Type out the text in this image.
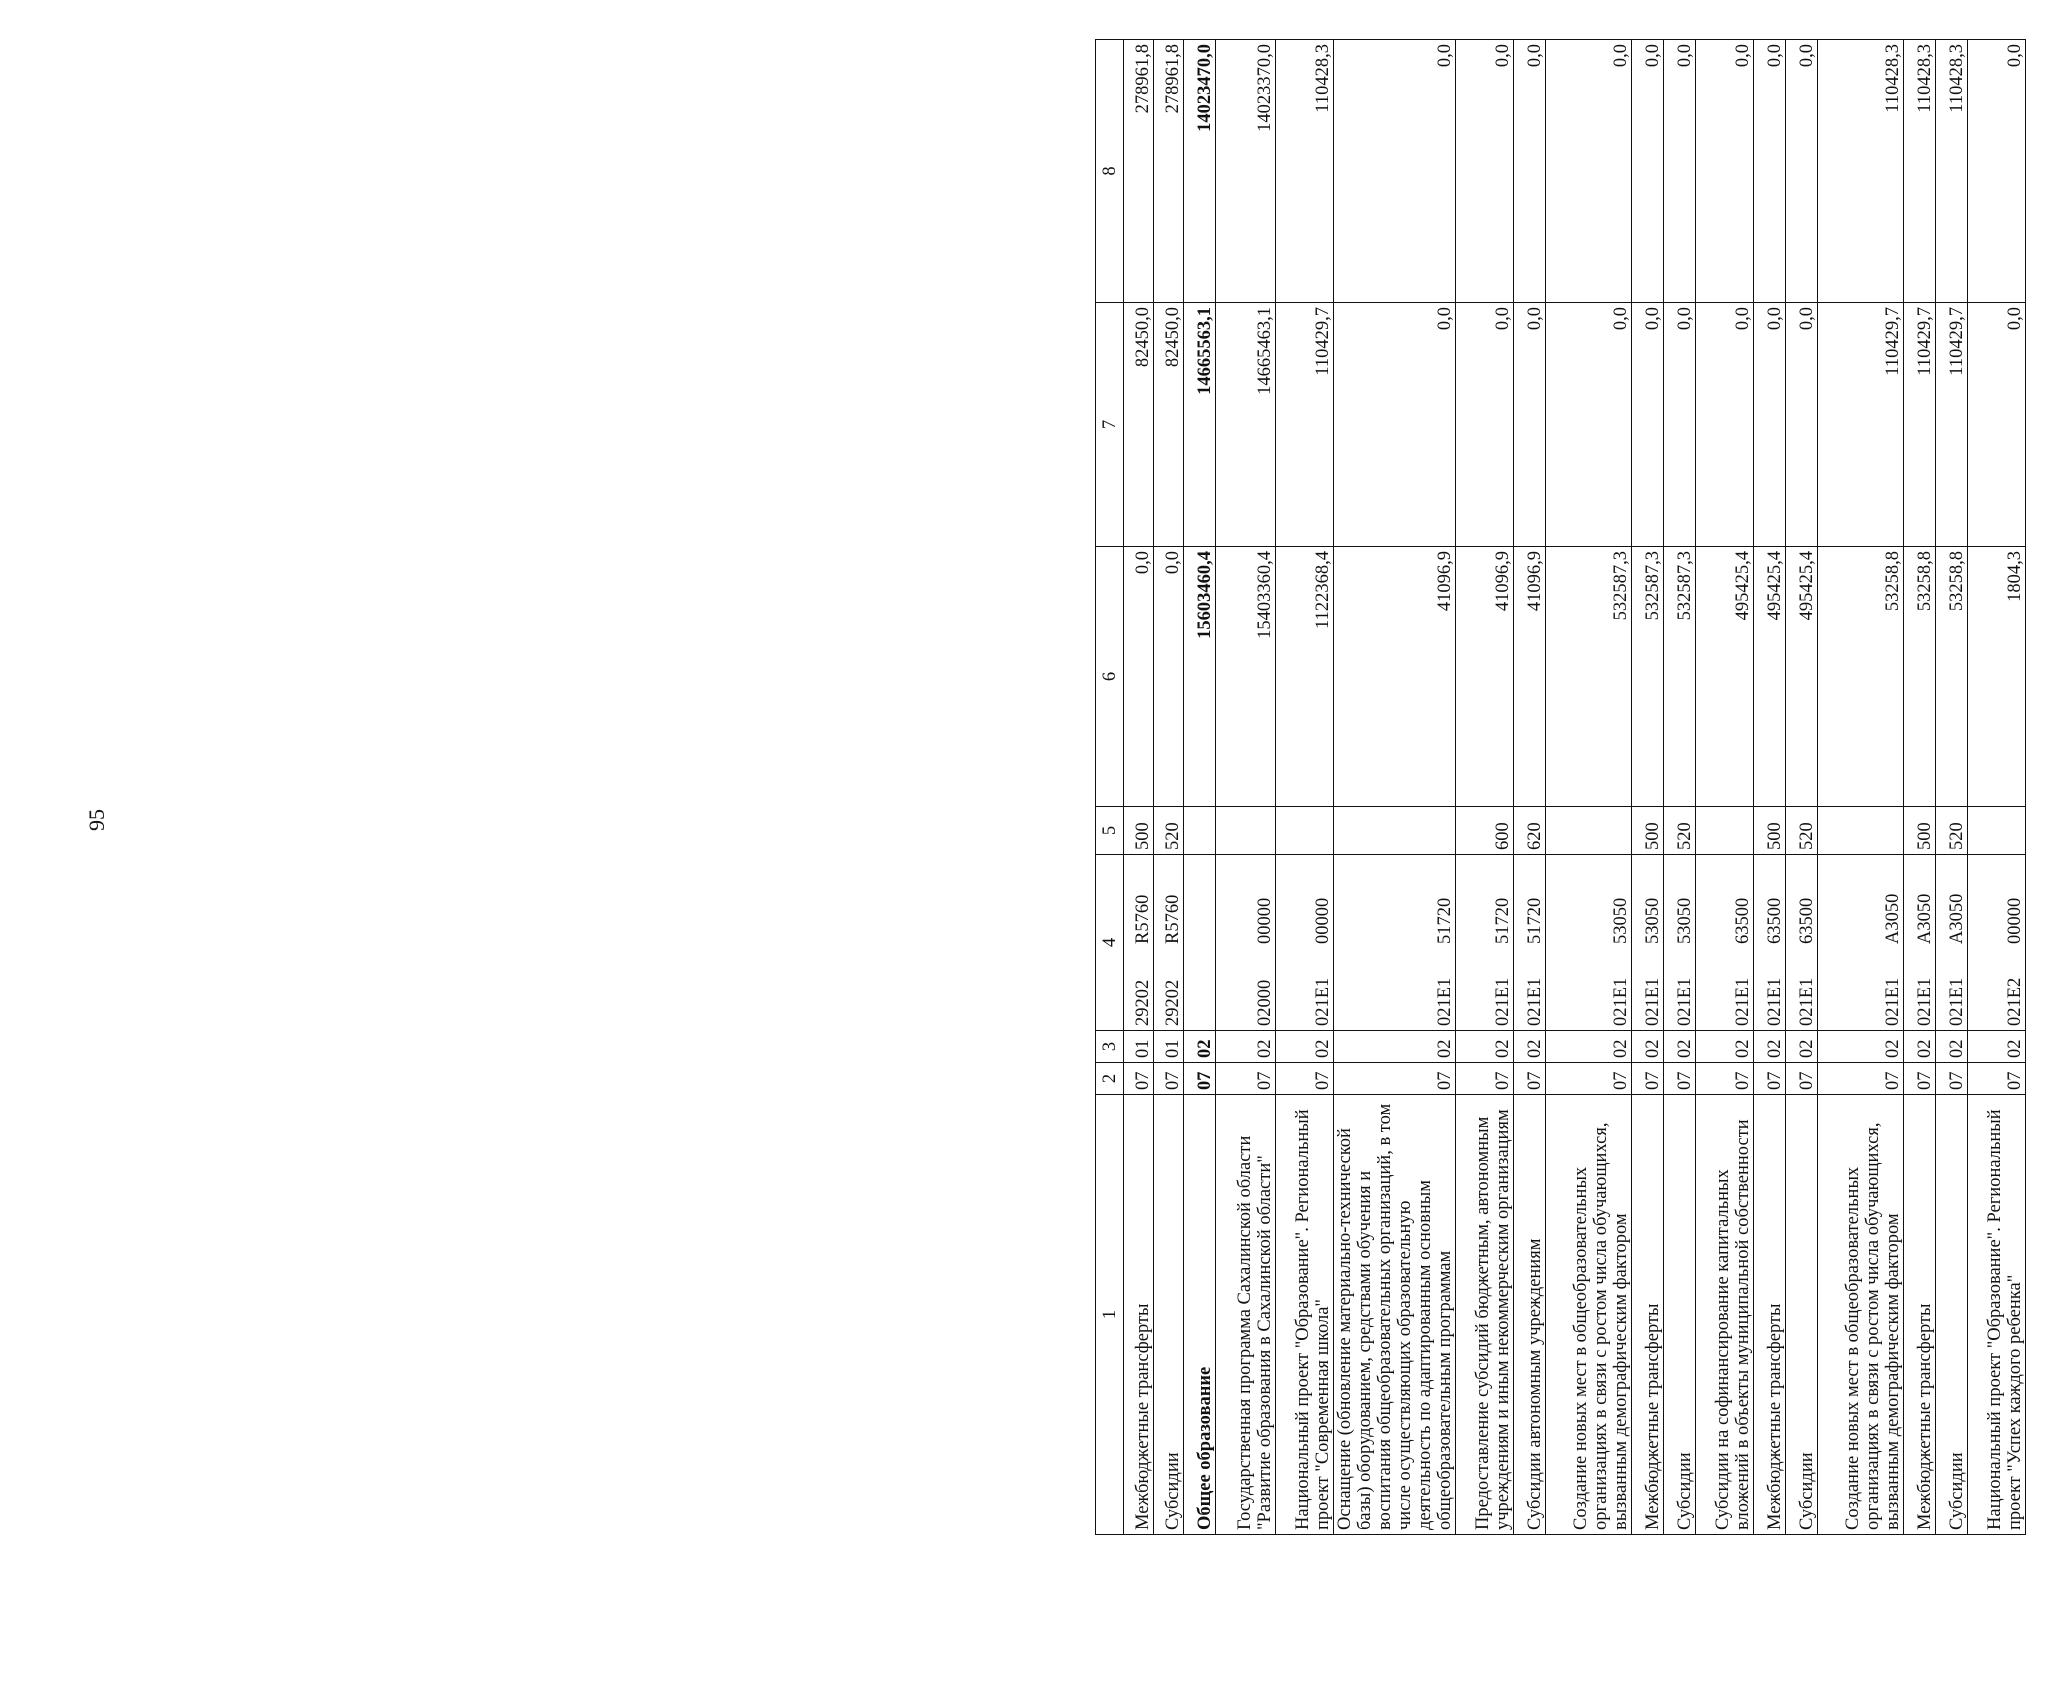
95
1	2	3	4	5	6	7	8
Межбюджетные трансферты	07	01	29202R5760	500	0,0	82450,0	278961,8
Субсидии	07	01	29202R5760	520	0,0	82450,0	278961,8
Общее образование	07	02			15603460,4	14665563,1	14023470,0
Государственная программа Сахалинской области "Развитие образования в Сахалинской области"	07	02	0200000000		15403360,4	14665463,1	14023370,0
Национальный проект "Образование". Региональный проект "Современная школа"	07	02	021E100000		1122368,4	110429,7	110428,3
Оснащение (обновление материально-технической базы) оборудованием, средствами обучения и воспитания общеобразовательных организаций, в том числе осуществляющих образовательную деятельность по адаптированным основным общеобразовательным программам	07	02	021E151720		41096,9	0,0	0,0
Предоставление субсидий бюджетным, автономным учреждениям и иным некоммерческим организациям	07	02	021E151720	600	41096,9	0,0	0,0
Субсидии автономным учреждениям	07	02	021E151720	620	41096,9	0,0	0,0
Создание новых мест в общеобразовательных организациях в связи с ростом числа обучающихся, вызванным демографическим фактором	07	02	021E153050		532587,3	0,0	0,0
Межбюджетные трансферты	07	02	021E153050	500	532587,3	0,0	0,0
Субсидии	07	02	021E153050	520	532587,3	0,0	0,0
Субсидии на софинансирование капитальных вложений в объекты муниципальной собственности	07	02	021E163500		495425,4	0,0	0,0
Межбюджетные трансферты	07	02	021E163500	500	495425,4	0,0	0,0
Субсидии	07	02	021E163500	520	495425,4	0,0	0,0
Создание новых мест в общеобразовательных организациях в связи с ростом числа обучающихся, вызванным демографическим фактором	07	02	021E1А3050		53258,8	110429,7	110428,3
Межбюджетные трансферты	07	02	021E1А3050	500	53258,8	110429,7	110428,3
Субсидии	07	02	021E1А3050	520	53258,8	110429,7	110428,3
Национальный проект "Образование". Региональный проект "Успех каждого ребенка"	07	02	021E200000		1804,3	0,0	0,0
